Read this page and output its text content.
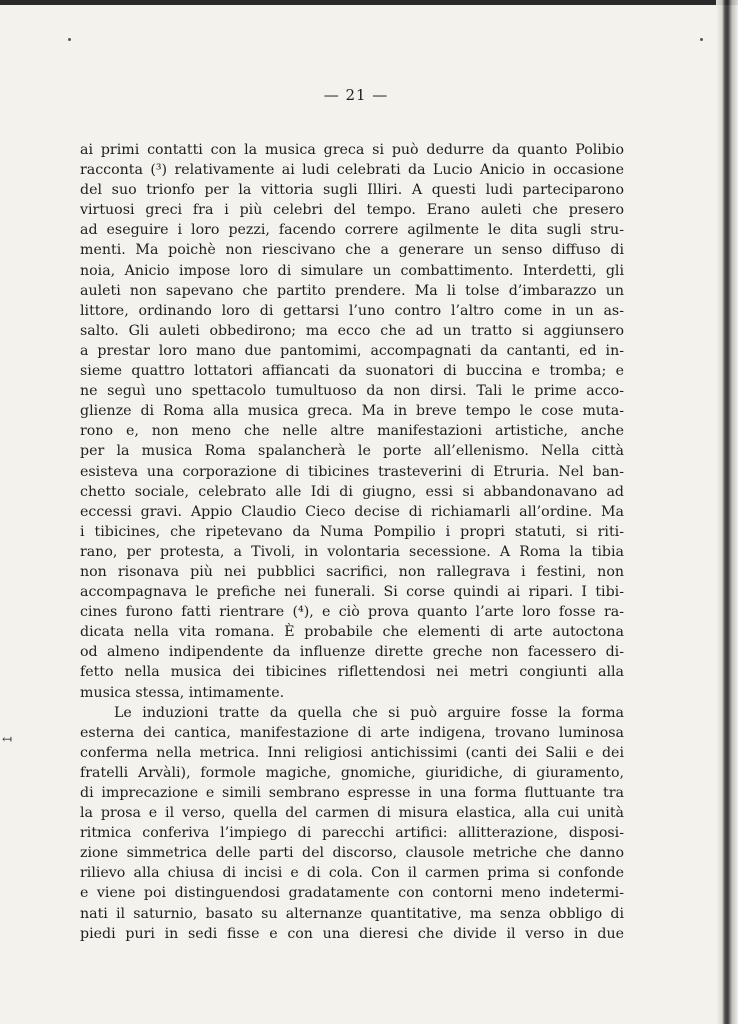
— 21 —
↤
ai primi contatti con la musica greca si può dedurre da quanto Polibio
racconta (³) relativamente ai ludi celebrati da Lucio Anicio in occasione
del suo trionfo per la vittoria sugli Illiri. A questi ludi parteciparono
virtuosi greci fra i più celebri del tempo. Erano auleti che presero
ad eseguire i loro pezzi, facendo correre agilmente le dita sugli stru-
menti. Ma poichè non riescivano che a generare un senso diffuso di
noia, Anicio impose loro di simulare un combattimento. Interdetti, gli
auleti non sapevano che partito prendere. Ma li tolse d’imbarazzo un
littore, ordinando loro di gettarsi l’uno contro l’altro come in un as-
salto. Gli auleti obbedirono; ma ecco che ad un tratto si aggiunsero
a prestar loro mano due pantomimi, accompagnati da cantanti, ed in-
sieme quattro lottatori affiancati da suonatori di buccina e tromba; e
ne seguì uno spettacolo tumultuoso da non dirsi. Tali le prime acco-
glienze di Roma alla musica greca. Ma in breve tempo le cose muta-
rono e, non meno che nelle altre manifestazioni artistiche, anche
per la musica Roma spalancherà le porte all’ellenismo. Nella città
esisteva una corporazione di tibicines trasteverini di Etruria. Nel ban-
chetto sociale, celebrato alle Idi di giugno, essi si abbandonavano ad
eccessi gravi. Appio Claudio Cieco decise di richiamarli all’ordine. Ma
i tibicines, che ripetevano da Numa Pompilio i propri statuti, si riti-
rano, per protesta, a Tivoli, in volontaria secessione. A Roma la tibia
non risonava più nei pubblici sacrifici, non rallegrava i festini, non
accompagnava le prefiche nei funerali. Si corse quindi ai ripari. I tibi-
cines furono fatti rientrare (⁴), e ciò prova quanto l’arte loro fosse ra-
dicata nella vita romana. È probabile che elementi di arte autoctona
od almeno indipendente da influenze dirette greche non facessero di-
fetto nella musica dei tibicines riflettendosi nei metri congiunti alla
musica stessa, intimamente.
Le induzioni tratte da quella che si può arguire fosse la forma
esterna dei cantica, manifestazione di arte indigena, trovano luminosa
conferma nella metrica. Inni religiosi antichissimi (canti dei Salii e dei
fratelli Arvàli), formole magiche, gnomiche, giuridiche, di giuramento,
di imprecazione e simili sembrano espresse in una forma fluttuante tra
la prosa e il verso, quella del carmen di misura elastica, alla cui unità
ritmica conferiva l’impiego di parecchi artifici: allitterazione, disposi-
zione simmetrica delle parti del discorso, clausole metriche che danno
rilievo alla chiusa di incisi e di cola. Con il carmen prima si confonde
e viene poi distinguendosi gradatamente con contorni meno indetermi-
nati il saturnio, basato su alternanze quantitative, ma senza obbligo di
piedi puri in sedi fisse e con una dieresi che divide il verso in due
